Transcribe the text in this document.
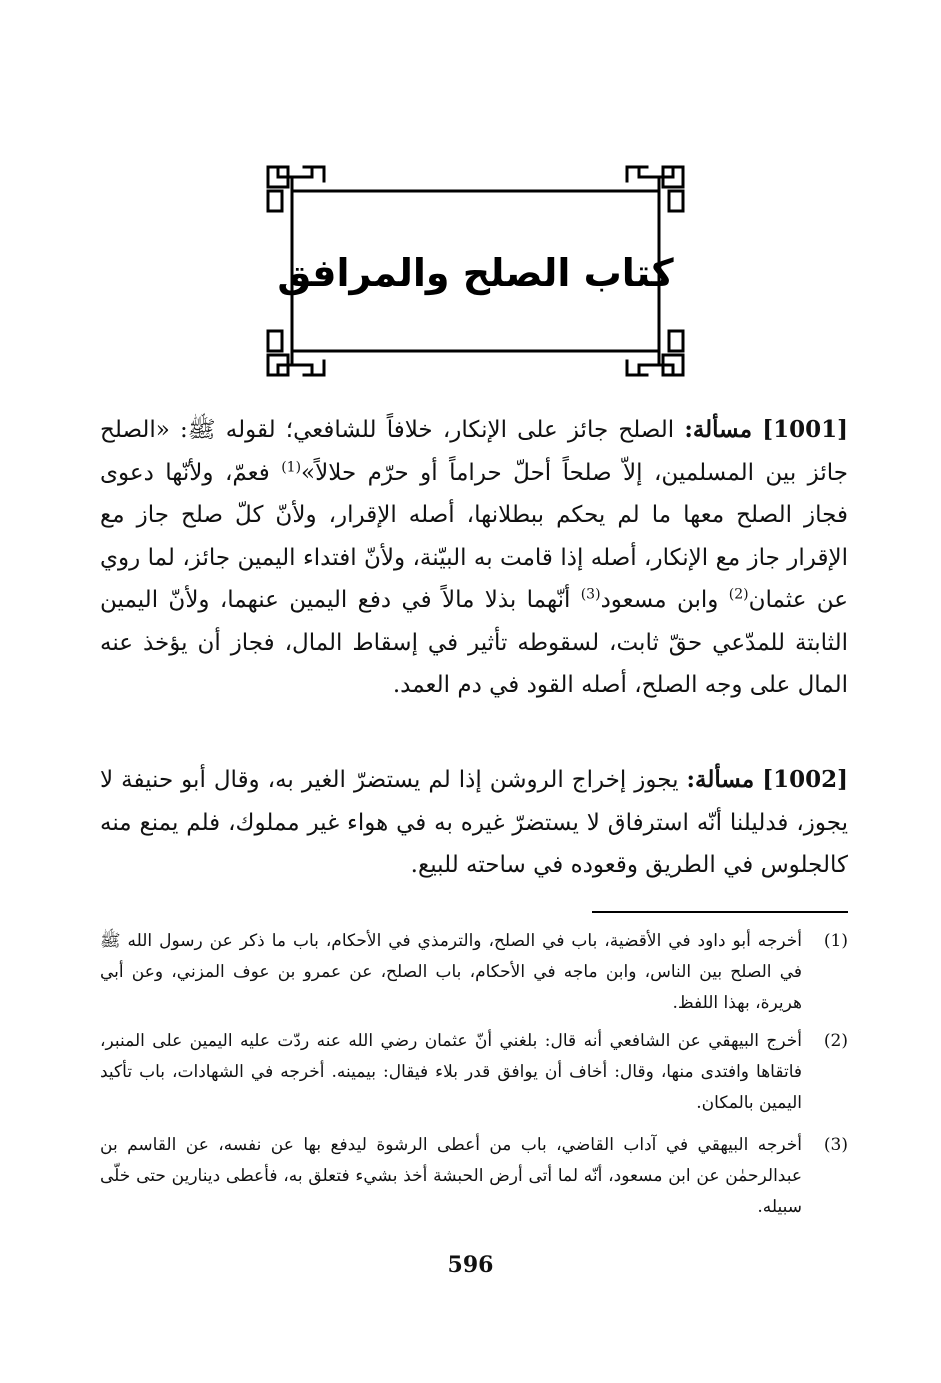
كتاب الصلح والمرافق
[1001] مسألة: الصلح جائز على الإنكار، خلافاً للشافعي؛ لقوله ﷺ: «الصلح جائز بين المسلمين، إلاّ صلحاً أحلّ حراماً أو حرّم حلالاً»$^{(1)}$ فعمّ، ولأنّها دعوى فجاز الصلح معها ما لم يحكم ببطلانها، أصله الإقرار، ولأنّ كلّ صلح جاز مع الإقرار جاز مع الإنكار، أصله إذا قامت به البيّنة، ولأنّ افتداء اليمين جائز، لما روي عن عثمان$^{(2)}$ وابن مسعود$^{(3)}$ أنّهما بذلا مالاً في دفع اليمين عنهما، ولأنّ اليمين الثابتة للمدّعي حقّ ثابت، لسقوطه تأثير في إسقاط المال، فجاز أن يؤخذ عنه المال على وجه الصلح، أصله القود في دم العمد.
[1002] مسألة: يجوز إخراج الروشن إذا لم يستضرّ الغير به، وقال أبو حنيفة لا يجوز، فدليلنا أنّه استرفاق لا يستضرّ غيره به في هواء غير مملوك، فلم يمنع منه كالجلوس في الطريق وقعوده في ساحته للبيع.
(1)
أخرجه أبو داود في الأقضية، باب في الصلح، والترمذي في الأحكام، باب ما ذكر عن رسول الله ﷺ في الصلح بين الناس، وابن ماجه في الأحكام، باب الصلح، عن عمرو بن عوف المزني، وعن أبي هريرة، بهذا اللفظ.
(2)
أخرج البيهقي عن الشافعي أنه قال: بلغني أنّ عثمان رضي الله عنه ردّت عليه اليمين على المنبر، فاتقاها وافتدى منها، وقال: أخاف أن يوافق قدر بلاء فيقال: بيمينه. أخرجه في الشهادات، باب تأكيد اليمين بالمكان.
(3)
أخرجه البيهقي في آداب القاضي، باب من أعطى الرشوة ليدفع بها عن نفسه، عن القاسم بن عبدالرحمٰن عن ابن مسعود، أنّه لما أتى أرض الحبشة أخذ بشيء فتعلق به، فأعطى دينارين حتى خلّى سبيله.
596
